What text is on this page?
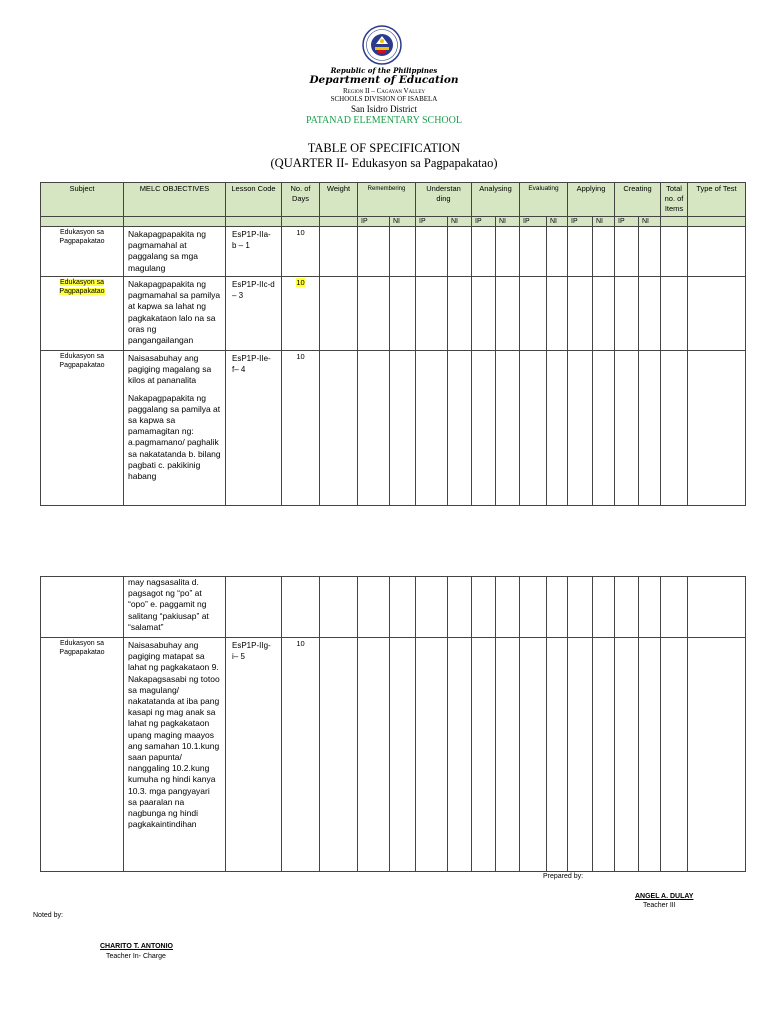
Republic of the Philippines
Department of Education
Region II – Cagayan Valley
SCHOOLS DIVISION OF ISABELA
San Isidro District
PATANAD ELEMENTARY SCHOOL
TABLE OF SPECIFICATION
(QUARTER II- Edukasyon sa Pagpapakatao)
Subject	MELC OBJECTIVES	Lesson Code	No. of Days	Weight	Remembering		Understan ding		Analysing		Evaluating		Applying		Creating		Total no. of Items	Type of Test
					IP	NI	IP	NI	IP	NI	IP	NI	IP	NI	IP	NI		
Edukasyon sa Pagpapakatao	Nakapagpapakita ng pagmamahal at paggalang sa mga magulang	EsP1P-IIa-b – 1	10															
Edukasyon sa Pagpapakatao	Nakapagpapakita ng pagmamahal sa pamilya at kapwa sa lahat ng pagkakataon lalo na sa oras ng pangangailangan	EsP1P-IIc-d – 3	10															
Edukasyon sa Pagpapakatao	Naisasabuhay ang pagiging magalang sa kilos at pananalita

Nakapagpapakita ng paggalang sa pamilya at sa kapwa sa pamamagitan ng: a.pagmamano/ paghalik sa nakatatanda b. bilang pagbati c. pakikinig habang	EsP1P-IIe-f– 4	10															
	may nagsasalita d. pagsagot ng “po” at “opo” e. paggamit ng salitang “pakiusap” at “salamat”																	
Edukasyon sa Pagpapakatao	Naisasabuhay ang pagiging matapat sa lahat ng pagkakataon 9. Nakapagsasabi ng totoo sa magulang/ nakatatanda at iba pang kasapi ng mag anak sa lahat ng pagkakataon upang maging maayos ang samahan 10.1.kung saan papunta/ nanggaling 10.2.kung kumuha ng hindi kanya 10.3. mga pangyayari sa paaralan na nagbunga ng hindi pagkakaintindihan	EsP1P-IIg-i– 5	10															
Prepared by:
ANGEL A. DULAY
Teacher III
Noted by:
CHARITO T. ANTONIO
Teacher In- Charge
